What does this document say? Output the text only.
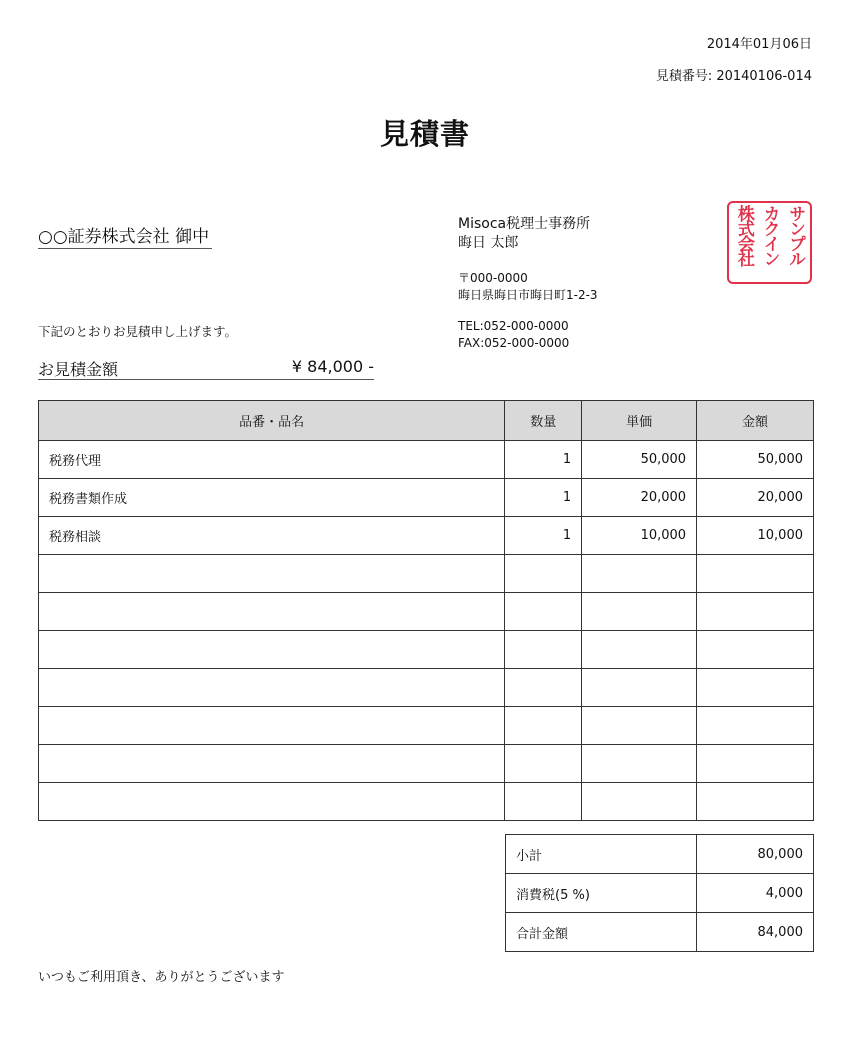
2014年01月06日
見積番号: 20140106-014
見積書
○○証券株式会社 御中
下記のとおりお見積申し上げます。
お見積金額	¥ 84,000 -
Misoca税理士事務所
晦日 太郎
〒000-0000
晦日県晦日市晦日町1-2-3
TEL:052-000-0000
FAX:052-000-0000
サンプル
カクイン
株式会社
品番・品名	数量	単価	金額
税務代理	1	50,000	50,000
税務書類作成	1	20,000	20,000
税務相談	1	10,000	10,000

小計	80,000
消費税(5 %)	4,000
合計金額	84,000
いつもご利用頂き、ありがとうございます
